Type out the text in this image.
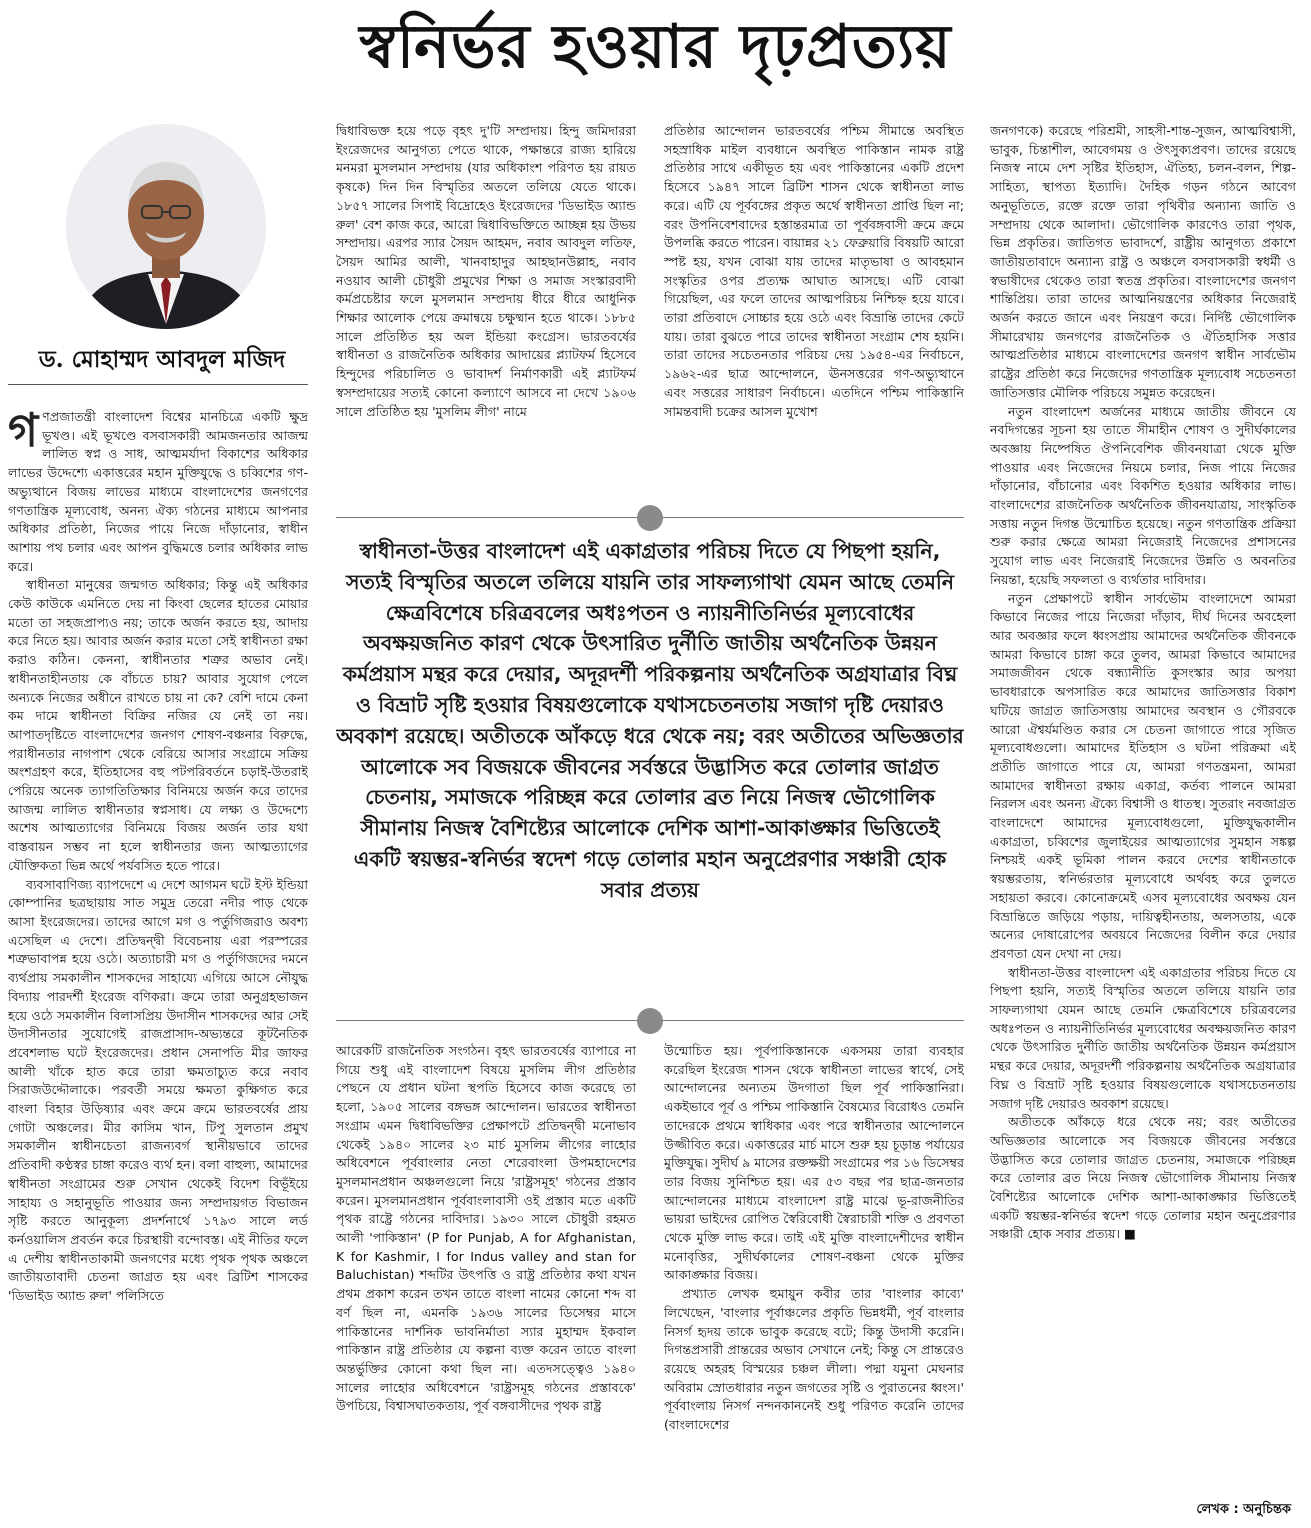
স্বনির্ভর হওয়ার দৃঢ়প্রত্যয়
ড. মোহাম্মদ আবদুল মজিদ

গণপ্রজাতন্ত্রী বাংলাদেশ বিশ্বের মানচিত্রে একটি ক্ষুদ্র ভূখণ্ড। এই ভূখণ্ডে বসবাসকারী আমজনতার আজন্ম লালিত স্বপ্ন ও সাধ, আত্মমর্যাদা বিকাশের অধিকার লাভের উদ্দেশ্যে একাত্তরের মহান মুক্তিযুদ্ধে ও চব্বিশের গণ-অভ্যুত্থানে বিজয় লাভের মাধ্যমে বাংলাদেশের জনগণের গণতান্ত্রিক মূল্যবোধ, অনন্য ঐক্য গঠনের মাধ্যমে আপনার অধিকার প্রতিষ্ঠা, নিজের পায়ে নিজে দাঁড়ানোর, স্বাধীন আশায় পথ চলার এবং আপন বুদ্ধিমত্তে চলার অধিকার লাভ করে।

স্বাধীনতা মানুষের জন্মগত অধিকার; কিন্তু এই অধিকার কেউ কাউকে এমনিতে দেয় না কিংবা ছেলের হাতের মোয়ার মতো তা সহজপ্রাপ্যও নয়; তাকে অর্জন করতে হয়, আদায় করে নিতে হয়। আবার অর্জন করার মতো সেই স্বাধীনতা রক্ষা করাও কঠিন। কেননা, স্বাধীনতার শত্রুর অভাব নেই। স্বাধীনতাহীনতায় কে বাঁচতে চায়? আবার সুযোগ পেলে অন্যকে নিজের অধীনে রাখতে চায় না কে? বেশি দামে কেনা কম দামে স্বাধীনতা বিক্রির নজির যে নেই তা নয়। আপাতদৃষ্টিতে বাংলাদেশের জনগণ শোষণ-বঞ্চনার বিরুদ্ধে, পরাধীনতার নাগপাশ থেকে বেরিয়ে আসার সংগ্রামে সক্রিয় অংশগ্রহণ করে, ইতিহাসের বহু পটপরিবর্তনে চড়াই-উতরাই পেরিয়ে অনেক ত্যাগতিতিক্ষার বিনিময়ে অর্জন করে তাদের আজন্ম লালিত স্বাধীনতার স্বপ্নসাধ। যে লক্ষ্য ও উদ্দেশ্যে অশেষ আত্মত্যাগের বিনিময়ে বিজয় অর্জন তার যথা বাস্তবায়ন সম্ভব না হলে স্বাধীনতার জন্য আত্মত্যাগের যৌক্তিকতা ভিন্ন অর্থে পর্যবসিত হতে পারে।

ব্যবসাবাণিজ্য ব্যাপদেশে এ দেশে আগমন ঘটে ইস্ট ইন্ডিয়া কোম্পানির ছত্রছায়ায় সাত সমুদ্র তেরো নদীর পাড় থেকে আসা ইংরেজদের। তাদের আগে মগ ও পর্তুগিজরাও অবশ্য এসেছিল এ দেশে। প্রতিদ্বন্দ্বী বিবেচনায় এরা পরস্পরের শত্রুভাবাপন্ন হয়ে ওঠে। অত্যাচারী মগ ও পর্তুগিজদের দমনে ব্যর্থপ্রায় সমকালীন শাসকদের সাহায্যে এগিয়ে আসে নৌযুদ্ধ বিদ্যায় পারদর্শী ইংরেজ বণিকরা। ক্রমে তারা অনুগ্রহভাজন হয়ে ওঠে সমকালীন বিলাসপ্রিয় উদাসীন শাসকদের আর সেই উদাসীনতার সুযোগেই রাজপ্রাসাদ-অভ্যন্তরে কূটনৈতিক প্রবেশলাভ ঘটে ইংরেজদের। প্রধান সেনাপতি মীর জাফর আলী খাঁকে হাত করে তারা ক্ষমতাচ্যুত করে নবাব সিরাজউদ্দৌলাকে। পরবর্তী সময়ে ক্ষমতা কুক্ষিগত করে বাংলা বিহার উড়িষ্যার এবং ক্রমে ক্রমে ভারতবর্ষের প্রায় গোটা অঞ্চলের। মীর কাসিম খান, টিপু সুলতান প্রমুখ সমকালীন স্বাধীনচেতা রাজন্যবর্গ স্থানীয়ভাবে তাদের প্রতিবাদী কণ্ঠস্বর চাঙ্গা করেও ব্যর্থ হন। বলা বাহুল্য, আমাদের স্বাধীনতা সংগ্রামের শুরু সেখান থেকেই বিদেশ বিভূঁইয়ে সাহায্য ও সহানুভূতি পাওয়ার জন্য সম্প্রদায়গত বিভাজন সৃষ্টি করতে আনুকূল্য প্রদর্শনার্থে ১৭৯৩ সালে লর্ড কর্নওয়ালিস প্রবর্তন করে চিরস্থায়ী বন্দোবস্ত। এই নীতির ফলে এ দেশীয় স্বাধীনতাকামী জনগণের মধ্যে পৃথক পৃথক অঞ্চলে জাতীয়তাবাদী চেতনা জাগ্রত হয় এবং ব্রিটিশ শাসকের 'ডিভাইড অ্যান্ড রুল' পলিসিতে

দ্বিধাবিভক্ত হয়ে পড়ে বৃহৎ দু'টি সম্প্রদায়। হিন্দু জমিদাররা ইংরেজদের আনুগত্য পেতে থাকে, পক্ষান্তরে রাজ্য হারিয়ে মনমরা মুসলমান সম্প্রদায় (যার অধিকাংশ পরিণত হয় রায়ত কৃষকে) দিন দিন বিস্মৃতির অতলে তলিয়ে যেতে থাকে। ১৮৫৭ সালের সিপাই বিদ্রোহেও ইংরেজদের 'ডিভাইড অ্যান্ড রুল' বেশ কাজ করে, আরো দ্বিধাবিভক্তিতে আচ্ছন্ন হয় উভয় সম্প্রদায়। এরপর স্যার সৈয়দ আহমদ, নবাব আবদুল লতিফ, সৈয়দ আমির আলী, খানবাহাদুর আহছানউল্লাহ, নবাব নওয়াব আলী চৌধুরী প্রমুখের শিক্ষা ও সমাজ সংস্কারবাদী কর্মপ্রচেষ্টার ফলে মুসলমান সম্প্রদায় ধীরে ধীরে আধুনিক শিক্ষার আলোক পেয়ে ক্রমান্বয়ে চক্ষুষ্মান হতে থাকে। ১৮৮৫ সালে প্রতিষ্ঠিত হয় অল ইন্ডিয়া কংগ্রেস। ভারতবর্ষের স্বাধীনতা ও রাজনৈতিক অধিকার আদায়ের প্ল্যাটফর্ম হিসেবে হিন্দুদের পরিচালিত ও ভাবাদর্শ নির্মাণকারী এই প্ল্যাটফর্ম স্বসম্প্রদায়ের সত্যই কোনো কল্যাণে আসবে না দেখে ১৯০৬ সালে প্রতিষ্ঠিত হয় 'মুসলিম লীগ' নামে

প্রতিষ্ঠার আন্দোলন ভারতবর্ষের পশ্চিম সীমান্তে অবস্থিত সহস্রাধিক মাইল ব্যবধানে অবস্থিত পাকিস্তান নামক রাষ্ট্র প্রতিষ্ঠার সাথে একীভূত হয় এবং পাকিস্তানের একটি প্রদেশ হিসেবে ১৯৪৭ সালে ব্রিটিশ শাসন থেকে স্বাধীনতা লাভ করে। এটি যে পূর্ববঙ্গের প্রকৃত অর্থে স্বাধীনতা প্রাপ্তি ছিল না; বরং উপনিবেশবাদের হস্তান্তরমাত্র তা পূর্ববঙ্গবাসী ক্রমে ক্রমে উপলব্ধি করতে পারেন। বায়ান্নর ২১ ফেব্রুয়ারি বিষয়টি আরো স্পষ্ট হয়, যখন বোঝা যায় তাদের মাতৃভাষা ও আবহমান সংস্কৃতির ওপর প্রত্যক্ষ আঘাত আসছে। এটি বোঝা গিয়েছিল, এর ফলে তাদের আত্মপরিচয় নিশ্চিহ্ন হয়ে যাবে। তারা প্রতিবাদে সোচ্চার হয়ে ওঠে এবং বিভ্রান্তি তাদের কেটে যায়। তারা বুঝতে পারে তাদের স্বাধীনতা সংগ্রাম শেষ হয়নি। তারা তাদের সচেতনতার পরিচয় দেয় ১৯৫৪-এর নির্বাচনে, ১৯৬২-এর ছাত্র আন্দোলনে, ঊনসত্তরের গণ-অভ্যুত্থানে এবং সত্তরের সাধারণ নির্বাচনে। এতদিনে পশ্চিম পাকিস্তানি সামন্তবাদী চক্রের আসল মুখোশ

স্বাধীনতা-উত্তর বাংলাদেশ এই একাগ্রতার পরিচয় দিতে যে পিছপা হয়নি, সত্যই বিস্মৃতির অতলে তলিয়ে যায়নি তার সাফল্যগাথা যেমন আছে তেমনি ক্ষেত্রবিশেষে চরিত্রবলের অধঃপতন ও ন্যায়নীতিনির্ভর মূল্যবোধের অবক্ষয়জনিত কারণ থেকে উৎসারিত দুর্নীতি জাতীয় অর্থনৈতিক উন্নয়ন কর্মপ্রয়াস মন্থর করে দেয়ার, অদূরদর্শী পরিকল্পনায় অর্থনৈতিক অগ্রযাত্রার বিঘ্ন ও বিভ্রাট সৃষ্টি হওয়ার বিষয়গুলোকে যথাসচেতনতায় সজাগ দৃষ্টি দেয়ারও অবকাশ রয়েছে। অতীতকে আঁকড়ে ধরে থেকে নয়; বরং অতীতের অভিজ্ঞতার আলোকে সব বিজয়কে জীবনের সর্বস্তরে উদ্ভাসিত করে তোলার জাগ্রত চেতনায়, সমাজকে পরিচ্ছন্ন করে তোলার ব্রত নিয়ে নিজস্ব ভৌগোলিক সীমানায় নিজস্ব বৈশিষ্ট্যের আলোকে দেশিক আশা-আকাঙ্ক্ষার ভিত্তিতেই একটি স্বয়ম্ভর-স্বনির্ভর স্বদেশ গড়ে তোলার মহান অনুপ্রেরণার সঞ্চারী হোক সবার প্রত্যয়

আরেকটি রাজনৈতিক সংগঠন। বৃহৎ ভারতবর্ষের ব্যাপারে না গিয়ে শুধু এই বাংলাদেশ বিষয়ে মুসলিম লীগ প্রতিষ্ঠার পেছনে যে প্রধান ঘটনা স্থপতি হিসেবে কাজ করেছে তা হলো, ১৯০৫ সালের বঙ্গভঙ্গ আন্দোলন। ভারতের স্বাধীনতা সংগ্রাম এমন দ্বিধাবিভক্তির প্রেক্ষাপটে প্রতিদ্বন্দ্বী মনোভাব থেকেই ১৯৪০ সালের ২৩ মার্চ মুসলিম লীগের লাহোর অধিবেশনে পূর্ববাংলার নেতা শেরেবাংলা উপমহাদেশের মুসলমানপ্রধান অঞ্চলগুলো নিয়ে 'রাষ্ট্রসমূহ' গঠনের প্রস্তাব করেন। মুসলমানপ্রধান পূর্ববাংলাবাসী ওই প্রস্তাব মতে একটি পৃথক রাষ্ট্রে গঠনের দাবিদার। ১৯৩০ সালে চৌধুরী রহমত আলী 'পাকিস্তান' (P for Punjab, A for Afghanistan, K for Kashmir, I for Indus valley and stan for Baluchistan) শব্দটির উৎপত্তি ও রাষ্ট্র প্রতিষ্ঠার কথা যখন প্রথম প্রকাশ করেন তখন তাতে বাংলা নামের কোনো শব্দ বা বর্ণ ছিল না, এমনকি ১৯৩৬ সালের ডিসেম্বর মাসে পাকিস্তানের দার্শনিক ভাবনির্মাতা স্যার মুহাম্মদ ইকবাল পাকিস্তান রাষ্ট্র প্রতিষ্ঠার যে কল্পনা ব্যক্ত করেন তাতে বাংলা অন্তর্ভুক্তির কোনো কথা ছিল না। এতদসত্ত্বেও ১৯৪০ সালের লাহোর অধিবেশনে 'রাষ্ট্রসমূহ গঠনের প্রস্তাবকে' উপচিয়ে, বিশ্বাসঘাতকতায়, পূর্ব বঙ্গবাসীদের পৃথক রাষ্ট্র

উন্মোচিত হয়। পূর্বপাকিস্তানকে একসময় তারা ব্যবহার করেছিল ইংরেজ শাসন থেকে স্বাধীনতা লাভের স্বার্থে, সেই আন্দোলনের অন্যতম উদগাতা ছিল পূর্ব পাকিস্তানিরা। একইভাবে পূর্ব ও পশ্চিম পাকিস্তানি বৈষম্যের বিরোধও তেমনি তাদেরকে প্রথমে স্বাধিকার এবং পরে স্বাধীনতার আন্দোলনে উজ্জীবিত করে। একাত্তরের মার্চ মাসে শুরু হয় চূড়ান্ত পর্যায়ের মুক্তিযুদ্ধ। সুদীর্ঘ ৯ মাসের রক্তক্ষয়ী সংগ্রামের পর ১৬ ডিসেম্বর তার বিজয় সুনিশ্চিত হয়। এর ৫৩ বছর পর ছাত্র-জনতার আন্দোলনের মাধ্যমে বাংলাদেশ রাষ্ট্র মাঝে ভূ-রাজনীতির ভায়রা ভাইদের রোপিত স্বৈরিবোধী স্বৈরাচারী শক্তি ও প্রবণতা থেকে মুক্তি লাভ করে। তাই এই মুক্তি বাংলাদেশীদের স্বাধীন মনোবৃত্তির, সুদীর্ঘকালের শোষণ-বঞ্চনা থেকে মুক্তির আকাঙ্ক্ষার বিজয়।

প্রখ্যাত লেখক হুমায়ুন কবীর তার 'বাংলার কাব্যে' লিখেছেন, 'বাংলার পূর্বাঞ্চলের প্রকৃতি ভিন্নধর্মী, পূর্ব বাংলার নিসর্গ হৃদয় তাকে ভাবুক করেছে বটে; কিন্তু উদাসী করেনি। দিগন্তপ্রসারী প্রান্তরের অভাব সেখানে নেই; কিন্তু সে প্রান্তরেও রয়েছে অহরহ বিস্ময়ের চঞ্চল লীলা। পদ্মা যমুনা মেঘনার অবিরাম স্রোতধারার নতুন জগতের সৃষ্টি ও পুরাতনের ধ্বংস।' পূর্ববাংলায় নিসর্গ নন্দনকাননেই শুধু পরিণত করেনি তাদের (বাংলাদেশের

জনগণকে) করেছে পরিশ্রমী, সাহসী-শান্ত-সুজন, আত্মবিশ্বাসী, ভাবুক, চিন্তাশীল, আবেগময় ও ঔৎসুক্যপ্রবণ। তাদের রয়েছে নিজস্ব নামে দেশ সৃষ্টির ইতিহাস, ঐতিহ্য, চলন-বলন, শিল্প-সাহিত্য, স্থাপত্য ইত্যাদি। দৈহিক গড়ন গঠনে আবেগ অনুভূতিতে, রক্তে রক্তে তারা পৃথিবীর অন্যান্য জাতি ও সম্প্রদায় থেকে আলাদা। ভৌগোলিক কারণেও তারা পৃথক, ভিন্ন প্রকৃতির। জাতিগত ভাবাদর্শে, রাষ্ট্রীয় আনুগত্য প্রকাশে জাতীয়তাবাদে অন্যান্য রাষ্ট্র ও অঞ্চলে বসবাসকারী স্বধর্মী ও স্বভাষীদের থেকেও তারা স্বতন্ত্র প্রকৃতির। বাংলাদেশের জনগণ শান্তিপ্রিয়। তারা তাদের আত্মনিয়ন্ত্রণের অধিকার নিজেরাই অর্জন করতে জানে এবং নিয়ন্ত্রণ করে। নির্দিষ্ট ভৌগোলিক সীমারেখায় জনগণের রাজনৈতিক ও ঐতিহাসিক সত্তার আত্মপ্রতিষ্ঠার মাধ্যমে বাংলাদেশের জনগণ স্বাধীন সার্বভৌম রাষ্ট্রের প্রতিষ্ঠা করে নিজেদের গণতান্ত্রিক মূল্যবোধ সচেতনতা জাতিসত্তার মৌলিক পরিচয়ে সমুন্নত করেছেন।

নতুন বাংলাদেশ অর্জনের মাধ্যমে জাতীয় জীবনে যে নবদিগন্তের সূচনা হয় তাতে সীমাহীন শোষণ ও সুদীর্ঘকালের অবজ্ঞায় নিষ্পেষিত ঔপনিবেশিক জীবনযাত্রা থেকে মুক্তি পাওয়ার এবং নিজেদের নিয়মে চলার, নিজ পায়ে নিজের দাঁড়ানোর, বাঁচানোর এবং বিকশিত হওয়ার অধিকার লাভ। বাংলাদেশের রাজনৈতিক অর্থনৈতিক জীবনযাত্রায়, সাংস্কৃতিক সত্তায় নতুন দিগন্ত উন্মোচিত হয়েছে। নতুন গণতান্ত্রিক প্রক্রিয়া শুরু করার ক্ষেত্রে আমরা নিজেরাই নিজেদের প্রশাসনের সুযোগ লাভ এবং নিজেরাই নিজেদের উন্নতি ও অবনতির নিয়ন্তা, হয়েছি সফলতা ও ব্যর্থতার দাবিদার।

নতুন প্রেক্ষাপটে স্বাধীন সার্বভৌম বাংলাদেশে আমরা কিভাবে নিজের পায়ে নিজেরা দাঁড়াব, দীর্ঘ দিনের অবহেলা আর অবজ্ঞার ফলে ধ্বংসপ্রায় আমাদের অর্থনৈতিক জীবনকে আমরা কিভাবে চাঙ্গা করে তুলব, আমরা কিভাবে আমাদের সমাজজীবন থেকে বন্ধ্যানীতি কুসংস্কার আর অপয়া ভাবধারাকে অপসারিত করে আমাদের জাতিসত্তার বিকাশ ঘটিয়ে জাগ্রত জাতিসত্তায় আমাদের অবস্থান ও গৌরবকে আরো ঐশ্বর্যমণ্ডিত করার সে চেতনা জাগাতে পারে সৃজিত মূল্যবোধগুলো। আমাদের ইতিহাস ও ঘটনা পরিক্রমা এই প্রতীতি জাগাতে পারে যে, আমরা গণতন্ত্রমনা, আমরা আমাদের স্বাধীনতা রক্ষায় একাগ্র, কর্তব্য পালনে আমরা নিরলস এবং অনন্য ঐক্যে বিশ্বাসী ও ধাতস্থ। সুতরাং নবজাগ্রত বাংলাদেশে আমাদের মূল্যবোধগুলো, মুক্তিযুদ্ধকালীন একাগ্রতা, চব্বিশের জুলাইয়ের আত্মত্যাগের সুমহান সঙ্কল্প নিশ্চয়ই একই ভূমিকা পালন করবে দেশের স্বাধীনতাকে স্বয়ম্ভরতায়, স্বনির্ভরতার মূল্যবোধে অর্থবহ করে তুলতে সহায়তা করবে। কোনোক্রমেই এসব মূল্যবোধের অবক্ষয় যেন বিভ্রান্তিতে জড়িয়ে পড়ায়, দায়িত্বহীনতায়, অলসতায়, একে অন্যের দোষারোপের অবয়বে নিজেদের বিলীন করে দেয়ার প্রবণতা যেন দেখা না দেয়।

স্বাধীনতা-উত্তর বাংলাদেশ এই একাগ্রতার পরিচয় দিতে যে পিছপা হয়নি, সত্যই বিস্মৃতির অতলে তলিয়ে যায়নি তার সাফল্যগাথা যেমন আছে তেমনি ক্ষেত্রবিশেষে চরিত্রবলের অধঃপতন ও ন্যায়নীতিনির্ভর মূল্যবোধের অবক্ষয়জনিত কারণ থেকে উৎসারিত দুর্নীতি জাতীয় অর্থনৈতিক উন্নয়ন কর্মপ্রয়াস মন্থর করে দেয়ার, অদূরদর্শী পরিকল্পনায় অর্থনৈতিক অগ্রযাত্রার বিঘ্ন ও বিভ্রাট সৃষ্টি হওয়ার বিষয়গুলোকে যথাসচেতনতায় সজাগ দৃষ্টি দেয়ারও অবকাশ রয়েছে।

অতীতকে আঁকড়ে ধরে থেকে নয়; বরং অতীতের অভিজ্ঞতার আলোকে সব বিজয়কে জীবনের সর্বস্তরে উদ্ভাসিত করে তোলার জাগ্রত চেতনায়, সমাজকে পরিচ্ছন্ন করে তোলার ব্রত নিয়ে নিজস্ব ভৌগোলিক সীমানায় নিজস্ব বৈশিষ্ট্যের আলোকে দেশিক আশা-আকাঙ্ক্ষার ভিত্তিতেই একটি স্বয়ম্ভর-স্বনির্ভর স্বদেশ গড়ে তোলার মহান অনুপ্রেরণার সঞ্চারী হোক সবার প্রত্যয়। ■

লেখক : অনুচিন্তক
